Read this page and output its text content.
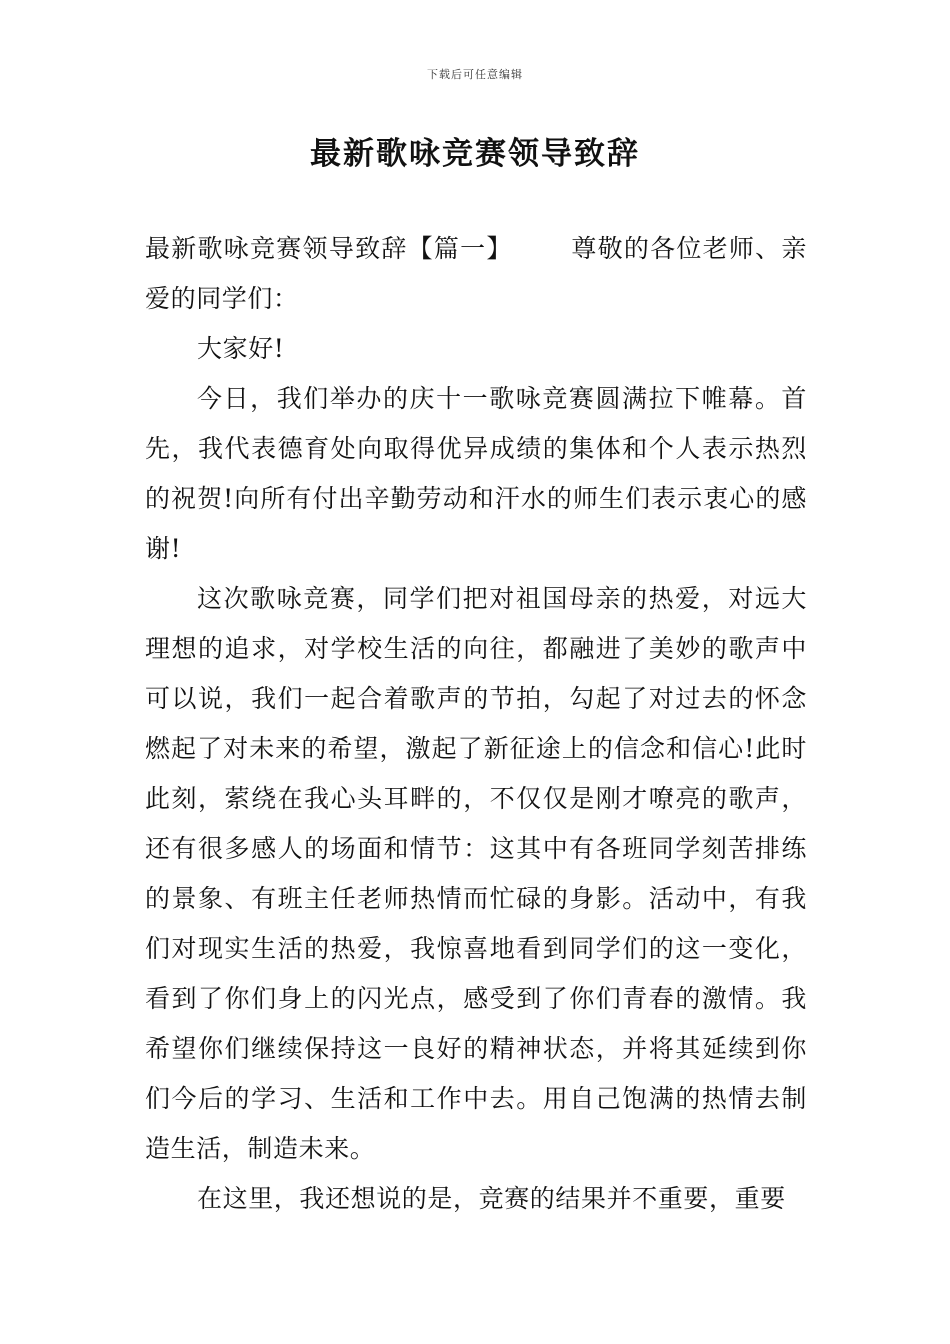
下载后可任意编辑
最新歌咏竞赛领导致辞

最新歌咏竞赛领导致辞【篇一】 尊敬的各位老师、亲爱的同学们：

大家好!

今日，我们举办的庆十一歌咏竞赛圆满拉下帷幕。首先，我代表德育处向取得优异成绩的集体和个人表示热烈的祝贺!向所有付出辛勤劳动和汗水的师生们表示衷心的感谢!

这次歌咏竞赛，同学们把对祖国母亲的热爱，对远大理想的追求，对学校生活的向往，都融进了美妙的歌声中可以说，我们一起合着歌声的节拍，勾起了对过去的怀念燃起了对未来的希望，激起了新征途上的信念和信心!此时此刻，萦绕在我心头耳畔的，不仅仅是刚才嘹亮的歌声，还有很多感人的场面和情节：这其中有各班同学刻苦排练的景象、有班主任老师热情而忙碌的身影。活动中，有我们对现实生活的热爱，我惊喜地看到同学们的这一变化，看到了你们身上的闪光点，感受到了你们青春的激情。我希望你们继续保持这一良好的精神状态，并将其延续到你们今后的学习、生活和工作中去。用自己饱满的热情去制造生活，制造未来。

在这里，我还想说的是，竞赛的结果并不重要，重要
